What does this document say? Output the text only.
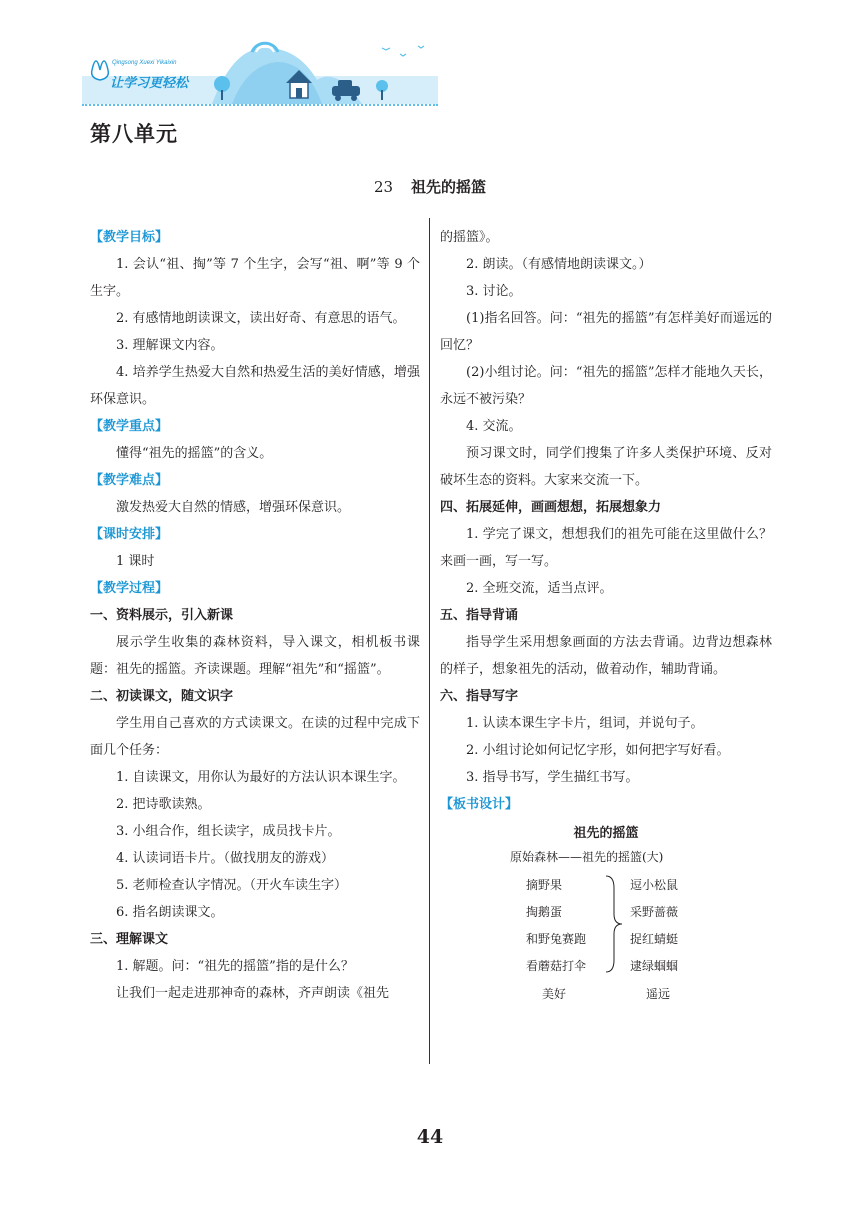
Qingsong Xuexi Yikaixin
让学习更轻松
第八单元
23 祖先的摇篮

【教学目标】

1. 会认“祖、掏”等 7 个生字，会写“祖、啊”等 9 个生字。

2. 有感情地朗读课文，读出好奇、有意思的语气。

3. 理解课文内容。

4. 培养学生热爱大自然和热爱生活的美好情感，增强环保意识。

【教学重点】

懂得“祖先的摇篮”的含义。

【教学难点】

激发热爱大自然的情感，增强环保意识。

【课时安排】

1 课时

【教学过程】

一、资料展示，引入新课

展示学生收集的森林资料，导入课文，相机板书课题：祖先的摇篮。齐读课题。理解“祖先”和“摇篮”。

二、初读课文，随文识字

学生用自己喜欢的方式读课文。在读的过程中完成下面几个任务：

1. 自读课文，用你认为最好的方法认识本课生字。

2. 把诗歌读熟。

3. 小组合作，组长读字，成员找卡片。

4. 认读词语卡片。（做找朋友的游戏）

5. 老师检查认字情况。（开火车读生字）

6. 指名朗读课文。

三、理解课文

1. 解题。问：“祖先的摇篮”指的是什么？

让我们一起走进那神奇的森林，齐声朗读《祖先

的摇篮》。

2. 朗读。（有感情地朗读课文。）

3. 讨论。

(1)指名回答。问：“祖先的摇篮”有怎样美好而遥远的回忆？

(2)小组讨论。问：“祖先的摇篮”怎样才能地久天长，永远不被污染？

4. 交流。

预习课文时，同学们搜集了许多人类保护环境、反对破坏生态的资料。大家来交流一下。

四、拓展延伸，画画想想，拓展想象力

1. 学完了课文，想想我们的祖先可能在这里做什么？来画一画，写一写。

2. 全班交流，适当点评。

五、指导背诵

指导学生采用想象画面的方法去背诵。边背边想森林的样子，想象祖先的活动，做着动作，辅助背诵。

六、指导写字

1. 认读本课生字卡片，组词，并说句子。

2. 小组讨论如何记忆字形，如何把字写好看。

3. 指导书写，学生描红书写。

【板书设计】

祖先的摇篮
原始森林——祖先的摇篮(大)
摘野果
掏鹅蛋
和野兔赛跑
看蘑菇打伞
逗小松鼠
采野蔷薇
捉红蜻蜓
逮绿蝈蝈
美好	遥远
44
